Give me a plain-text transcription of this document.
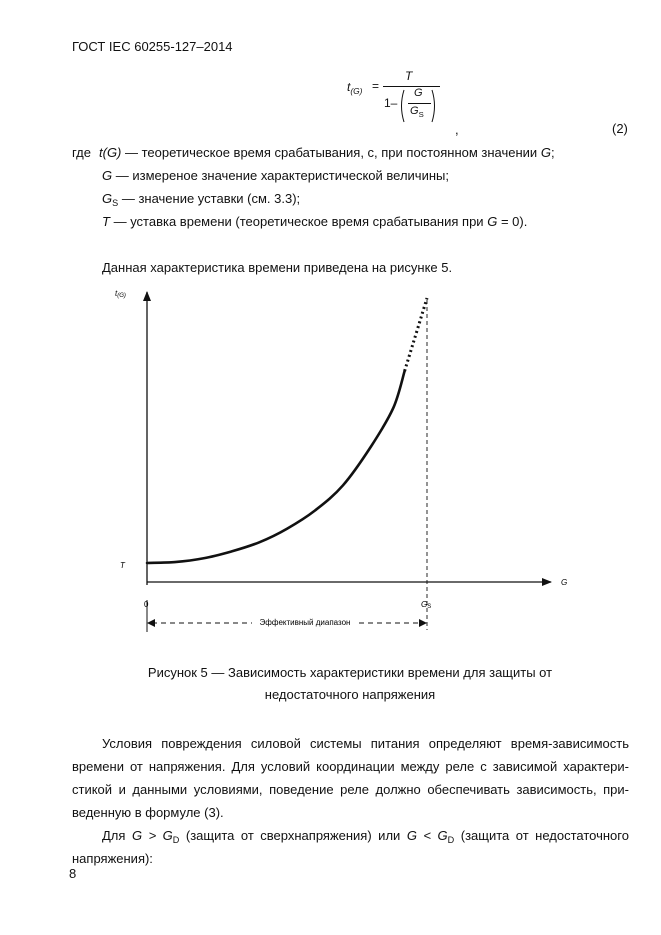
ГОСТ IEC 60255-127–2014
$t_{(G)}$ =
T
1–
G
$G_S$
,	(2)
где t(G) — теоретическое время срабатывания, с, при постоянном значении G;
G — измереное значение характеристической величины;
$G_S$ — значение уставки (см. 3.3);
T — уставка времени (теоретическое время срабатывания при G = 0).
Данная характеристика времени приведена на рисунке 5.
t(G)
T
G
0	GS
Эффективный диапазон
Рисунок 5 — Зависимость характеристики времени для защиты от
недостаточного напряжения
Условия повреждения силовой системы питания определяют время-зависимость
времени от напряжения. Для условий координации между реле с зависимой характери-
стикой и данными условиями, поведение реле должно обеспечивать зависимость, при-
веденную в формуле (3).
Для $G > G_D$ (защита от сверхнапряжения) или $G < G_D$ (защита от недостаточного
напряжения):
8
